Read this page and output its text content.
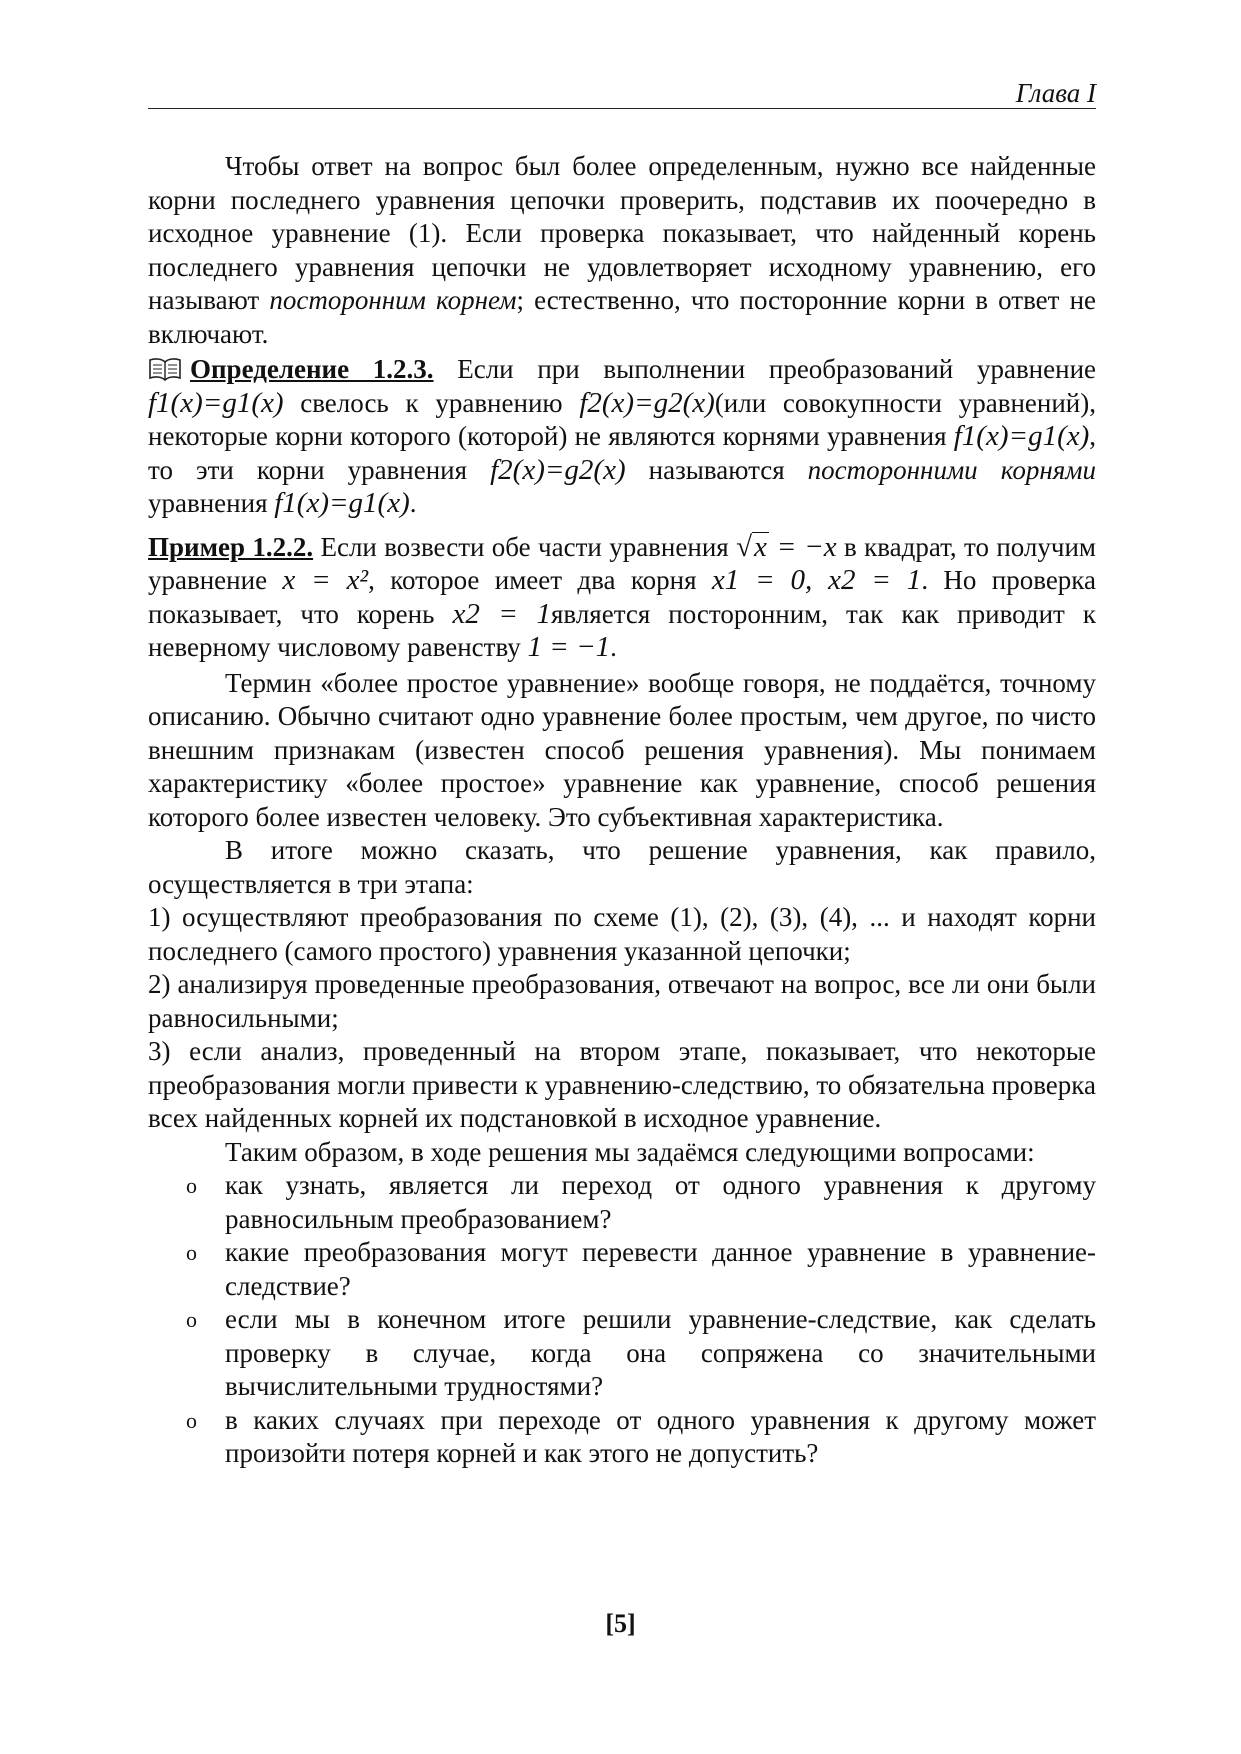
Глава I

Чтобы ответ на вопрос был более определенным, нужно все найденные корни последнего уравнения цепочки проверить, подставив их поочередно в исходное уравнение (1). Если проверка показывает, что найденный корень последнего уравнения цепочки не удовлетворяет исходному уравнению, его называют посторонним корнем; естественно, что посторонние корни в ответ не включают.

Определение 1.2.3. Если при выполнении преобразований уравнение f1(x)=g1(x) свелось к уравнению f2(x)=g2(x)(или совокупности уравнений), некоторые корни которого (которой) не являются корнями уравнения f1(x)=g1(x), то эти корни уравнения f2(x)=g2(x) называются посторонними корнями уравнения f1(x)=g1(x).

Пример 1.2.2. Если возвести обе части уравнения √x = −x в квадрат, то получим уравнение x = x², которое имеет два корня x1 = 0, x2 = 1. Но проверка показывает, что корень x2 = 1является посторонним, так как приводит к неверному числовому равенству 1 = −1.

Термин «более простое уравнение» вообще говоря, не поддаётся, точному описанию. Обычно считают одно уравнение более простым, чем другое, по чисто внешним признакам (известен способ решения уравнения). Мы понимаем характеристику «более простое» уравнение как уравнение, способ решения которого более известен человеку. Это субъективная характеристика.

В итоге можно сказать, что решение уравнения, как правило, осуществляется в три этапа:

1) осуществляют преобразования по схеме (1), (2), (3), (4), ... и находят корни последнего (самого простого) уравнения указанной цепочки;

2) анализируя проведенные преобразования, отвечают на вопрос, все ли они были равносильными;

3) если анализ, проведенный на втором этапе, показывает, что некоторые преобразования могли привести к уравнению-следствию, то обязательна проверка всех найденных корней их подстановкой в исходное уравнение.

Таким образом, в ходе решения мы задаёмся следующими вопросами:

o как узнать, является ли переход от одного уравнения к другому равносильным преобразованием?
o какие преобразования могут перевести данное уравнение в уравнение-следствие?
o если мы в конечном итоге решили уравнение-следствие, как сделать проверку в случае, когда она сопряжена со значительными вычислительными трудностями?
o в каких случаях при переходе от одного уравнения к другому может произойти потеря корней и как этого не допустить?
[5]
